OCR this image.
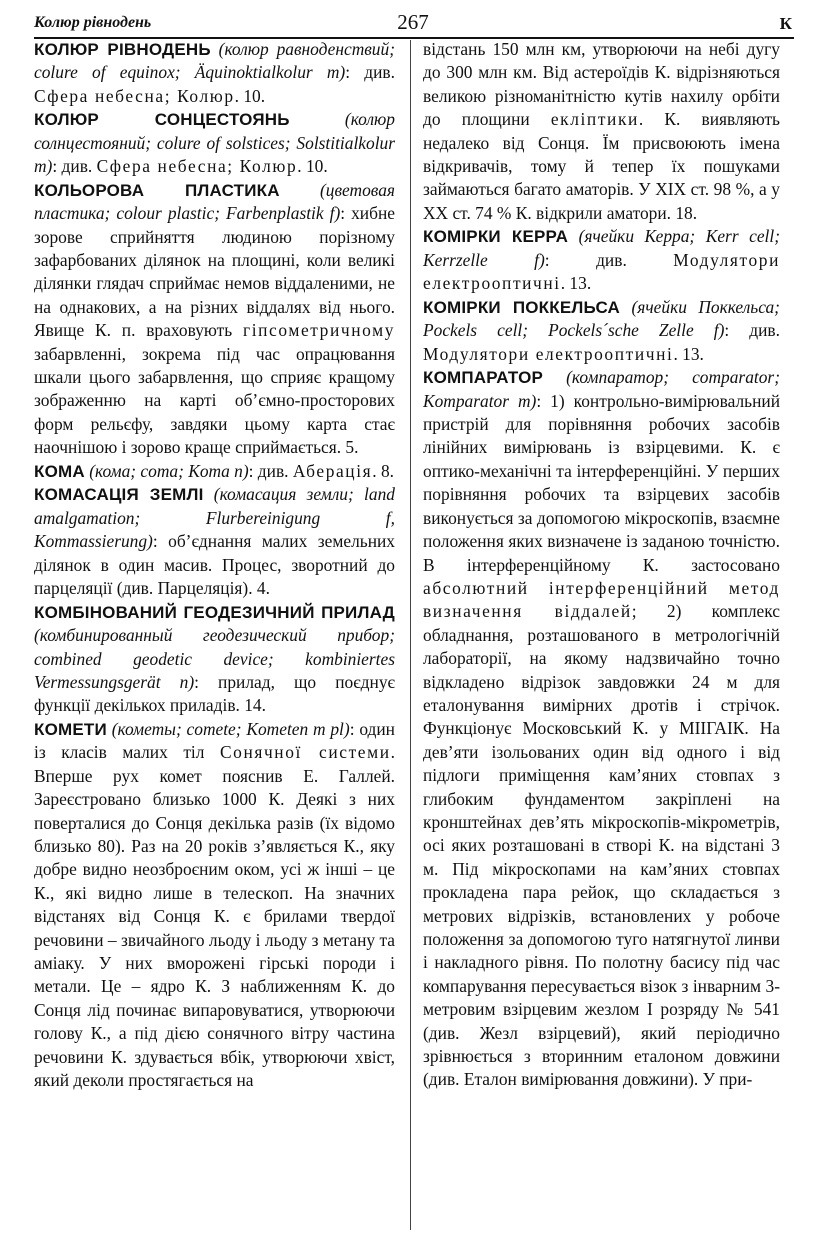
Колюр рівнодень	267	К

КОЛЮР РІВНОДЕНЬ (колюр равноденствий; colure of equinox; Äquinoktialkolur m): див. Сфера небесна; Колюр. 10.

КОЛЮР СОНЦЕСТОЯНЬ	(колюр солнцестояний; colure of solstices; Solstitialkolur m): див. Сфера небесна; Колюр. 10.

КОЛЬОРОВА ПЛАСТИКА (цветовая пластика; colour plastic; Farbenplastik f): хибне зорове сприйняття людиною порізному зафарбованих ділянок на площині, коли великі ділянки глядач сприймає немов віддаленими, не на однакових, а на різних віддалях від нього. Явище К. п. враховують гіпсометричному забарвленні, зокрема під час опрацювання шкали цього забарвлення, що сприяє кращому зображенню на карті об’ємно-просторових форм рельєфу, завдяки цьому карта стає наочнішою і зорово краще сприймається. 5.

КОМА (кома; coma; Koma n): див. Аберація. 8.

КОМАСАЦІЯ ЗЕМЛІ (комасация земли; land amalgamation; Flurbereinigung f, Kommassierung): об’єднання малих земельних ділянок в один масив. Процес, зворотний до парцеляції (див. Парцеляція). 4.

КОМБІНОВАНИЙ ГЕОДЕЗИЧНИЙ ПРИЛАД (комбинированный геодезический прибор; combined geodetic device; kombiniertes Vermessungsgerät n): прилад, що поєднує функції декількох приладів. 14.

КОМЕТИ (кометы; comete; Kometen m pl): один із класів малих тіл Сонячної системи. Вперше рух комет пояснив Е. Галлей. Зареєстровано близько 1000 К. Деякі з них поверталися до Сонця декілька разів (їх відомо близько 80). Раз на 20 років з’являється К., яку добре видно неозброєним оком, усі ж інші – це К., які видно лише в телескоп. На значних відстанях від Сонця К. є брилами твердої речовини – звичайного льоду і льоду з метану та аміаку. У них вморожені гірські породи і метали. Це – ядро К. З наближенням К. до Сонця лід починає випаровуватися, утворюючи голову К., а під дією сонячного вітру частина речовини К. здувається вбік, утворюючи хвіст, який деколи простягається на

відстань 150 млн км, утворюючи на небі дугу до 300 млн км. Від астероїдів К. відрізняються великою різноманітністю кутів нахилу орбіти до площини екліптики. К. виявляють недалеко від Сонця. Їм присвоюють імена відкривачів, тому й тепер їх пошуками займаються багато аматорів. У XIX ст. 98 %, а у XX ст. 74 % К. відкрили аматори. 18.

КОМІРКИ КЕРРА (ячейки Керра; Kerr cell; Kerrzelle f): див. Модулятори електрооптичні. 13.

КОМІРКИ ПОККЕЛЬСА (ячейки Поккельса; Pockels cell; Pockels´sche Zelle f): див. Модулятори електрооптичні. 13.

КОМПАРАТОР (компаратор; comparator; Komparator m): 1) контрольно-вимірювальний пристрій для порівняння робочих засобів лінійних вимірювань із взірцевими. К. є оптико-механічні та інтерференційні. У перших порівняння робочих та взірцевих засобів виконується за допомогою мікроскопів, взаємне положення яких визначене із заданою точністю. В інтерференційному К. застосовано абсолютний інтерференційний метод визначення віддалей; 2) комплекс обладнання, розташованого в метрологічній лабораторії, на якому надзвичайно точно відкладено відрізок завдовжки 24 м для еталонування вимірних дротів і стрічок. Функціонує Московський К. у МІІГАІК. На дев’яти ізольованих один від одного і від підлоги приміщення кам’яних стовпах з глибоким фундаментом закріплені на кронштейнах дев’ять мікроскопів-мікрометрів, осі яких розташовані в створі К. на відстані 3 м. Під мікроскопами на кам’яних стовпах прокладена пара рейок, що складається з метрових відрізків, встановлених у робоче положення за допомогою туго натягнутої линви і накладного рівня. По полотну басису під час компарування пересувається візок з інварним 3-метровим взірцевим жезлом І розряду № 541 (див. Жезл взірцевий), який періодично зрівнюється з вторинним еталоном довжини (див. Еталон вимірювання довжини). У при-
